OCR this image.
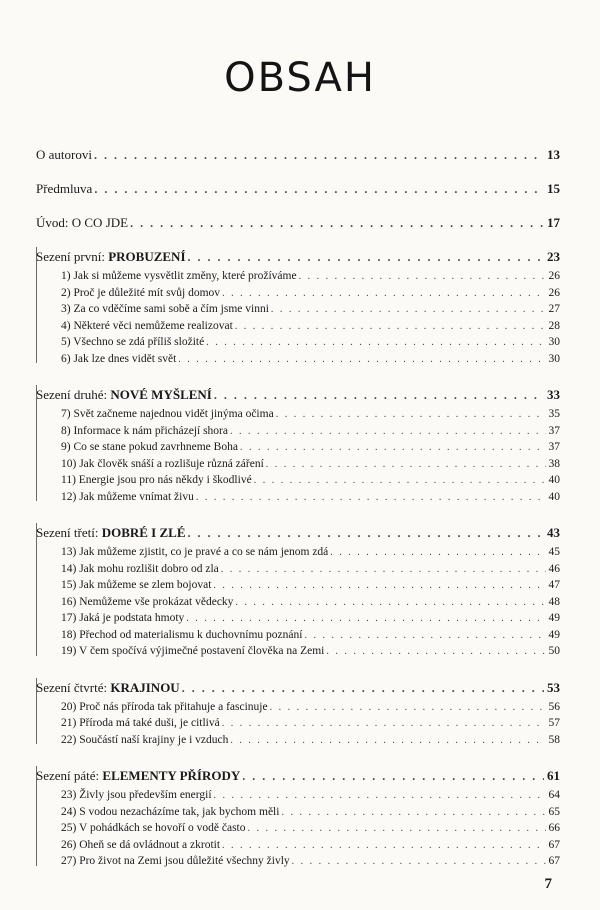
OBSAH
O autorovi . . .	13
Předmluva . . .	15
Úvod: O CO JDE . . .	17
Sezení první: PROBUZENÍ . . .	23
1) Jak si můžeme vysvětlit změny, které prožíváme . . .	26
2) Proč je důležité mít svůj domov . . .	26
3) Za co vděčíme sami sobě a čím jsme vinni . . .	27
4) Některé věci nemůžeme realizovat . . .	28
5) Všechno se zdá příliš složité . . .	30
6) Jak lze dnes vidět svět . . .	30
Sezení druhé: NOVÉ MYŠLENÍ . . .	33
7) Svět začneme najednou vidět jinýma očima . . .	35
8) Informace k nám přicházejí shora . . .	37
9) Co se stane pokud zavrhneme Boha . . .	37
10) Jak člověk snáší a rozlišuje různá záření . . .	38
11) Energie jsou pro nás někdy i škodlivé . . .	40
12) Jak můžeme vnímat živu . . .	40
Sezení třetí: DOBRÉ I ZLÉ . . .	43
13) Jak můžeme zjistit, co je pravé a co se nám jenom zdá . . .	45
14) Jak mohu rozlišit dobro od zla . . .	46
15) Jak můžeme se zlem bojovat . . .	47
16) Nemůžeme vše prokázat vědecky . . .	48
17) Jaká je podstata hmoty . . .	49
18) Přechod od materialismu k duchovnímu poznání . . .	49
19) V čem spočívá výjimečné postavení člověka na Zemi . . .	50
Sezení čtvrté: KRAJINOU . . .	53
20) Proč nás příroda tak přitahuje a fascinuje . . .	56
21) Příroda má také duši, je citlivá . . .	57
22) Součástí naší krajiny je i vzduch . . .	58
Sezení páté: ELEMENTY PŘÍRODY . . .	61
23) Živly jsou především energií . . .	64
24) S vodou nezacházíme tak, jak bychom měli . . .	65
25) V pohádkách se hovoří o vodě často . . .	66
26) Oheň se dá ovládnout a zkrotit . . .	67
27) Pro život na Zemi jsou důležité všechny živly . . .	67
7
